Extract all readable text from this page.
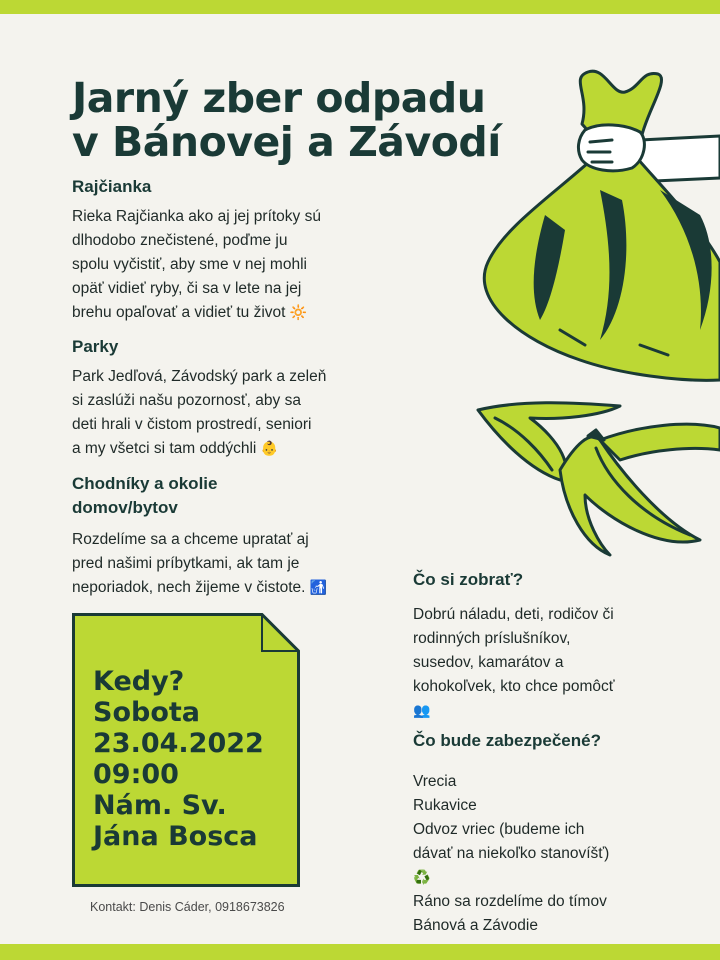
Jarný zber odpadu
v Bánovej a Závodí
Rajčianka
Rieka Rajčianka ako aj jej prítoky sú
dlhodobo znečistené, poďme ju
spolu vyčistiť, aby sme v nej mohli
opäť vidieť ryby, či sa v lete na jej
brehu opaľovať a vidieť tu život 🔆
Parky
Park Jedľová, Závodský park a zeleň
si zaslúži našu pozornosť, aby sa
deti hrali v čistom prostredí, seniori
a my všetci si tam oddýchli 👶
Chodníky a okolie
domov/bytov
Rozdelíme sa a chceme upratať aj
pred našimi príbytkami, ak tam je
neporiadok, nech žijeme v čistote. 🚮
Kedy?
Sobota
23.04.2022
09:00
Nám. Sv.
Jána Bosca

Kontakt: Denis Cáder, 0918673826

Čo si zobrať?
Dobrú náladu, deti, rodičov či
rodinných príslušníkov,
susedov, kamarátov a
kohokoľvek, kto chce pomôcť
👥
Čo bude zabezpečené?
Vrecia
Rukavice
Odvoz vriec (budeme ich
dávať na niekoľko stanovíšť)
♻️
Ráno sa rozdelíme do tímov
Bánová a Závodie
